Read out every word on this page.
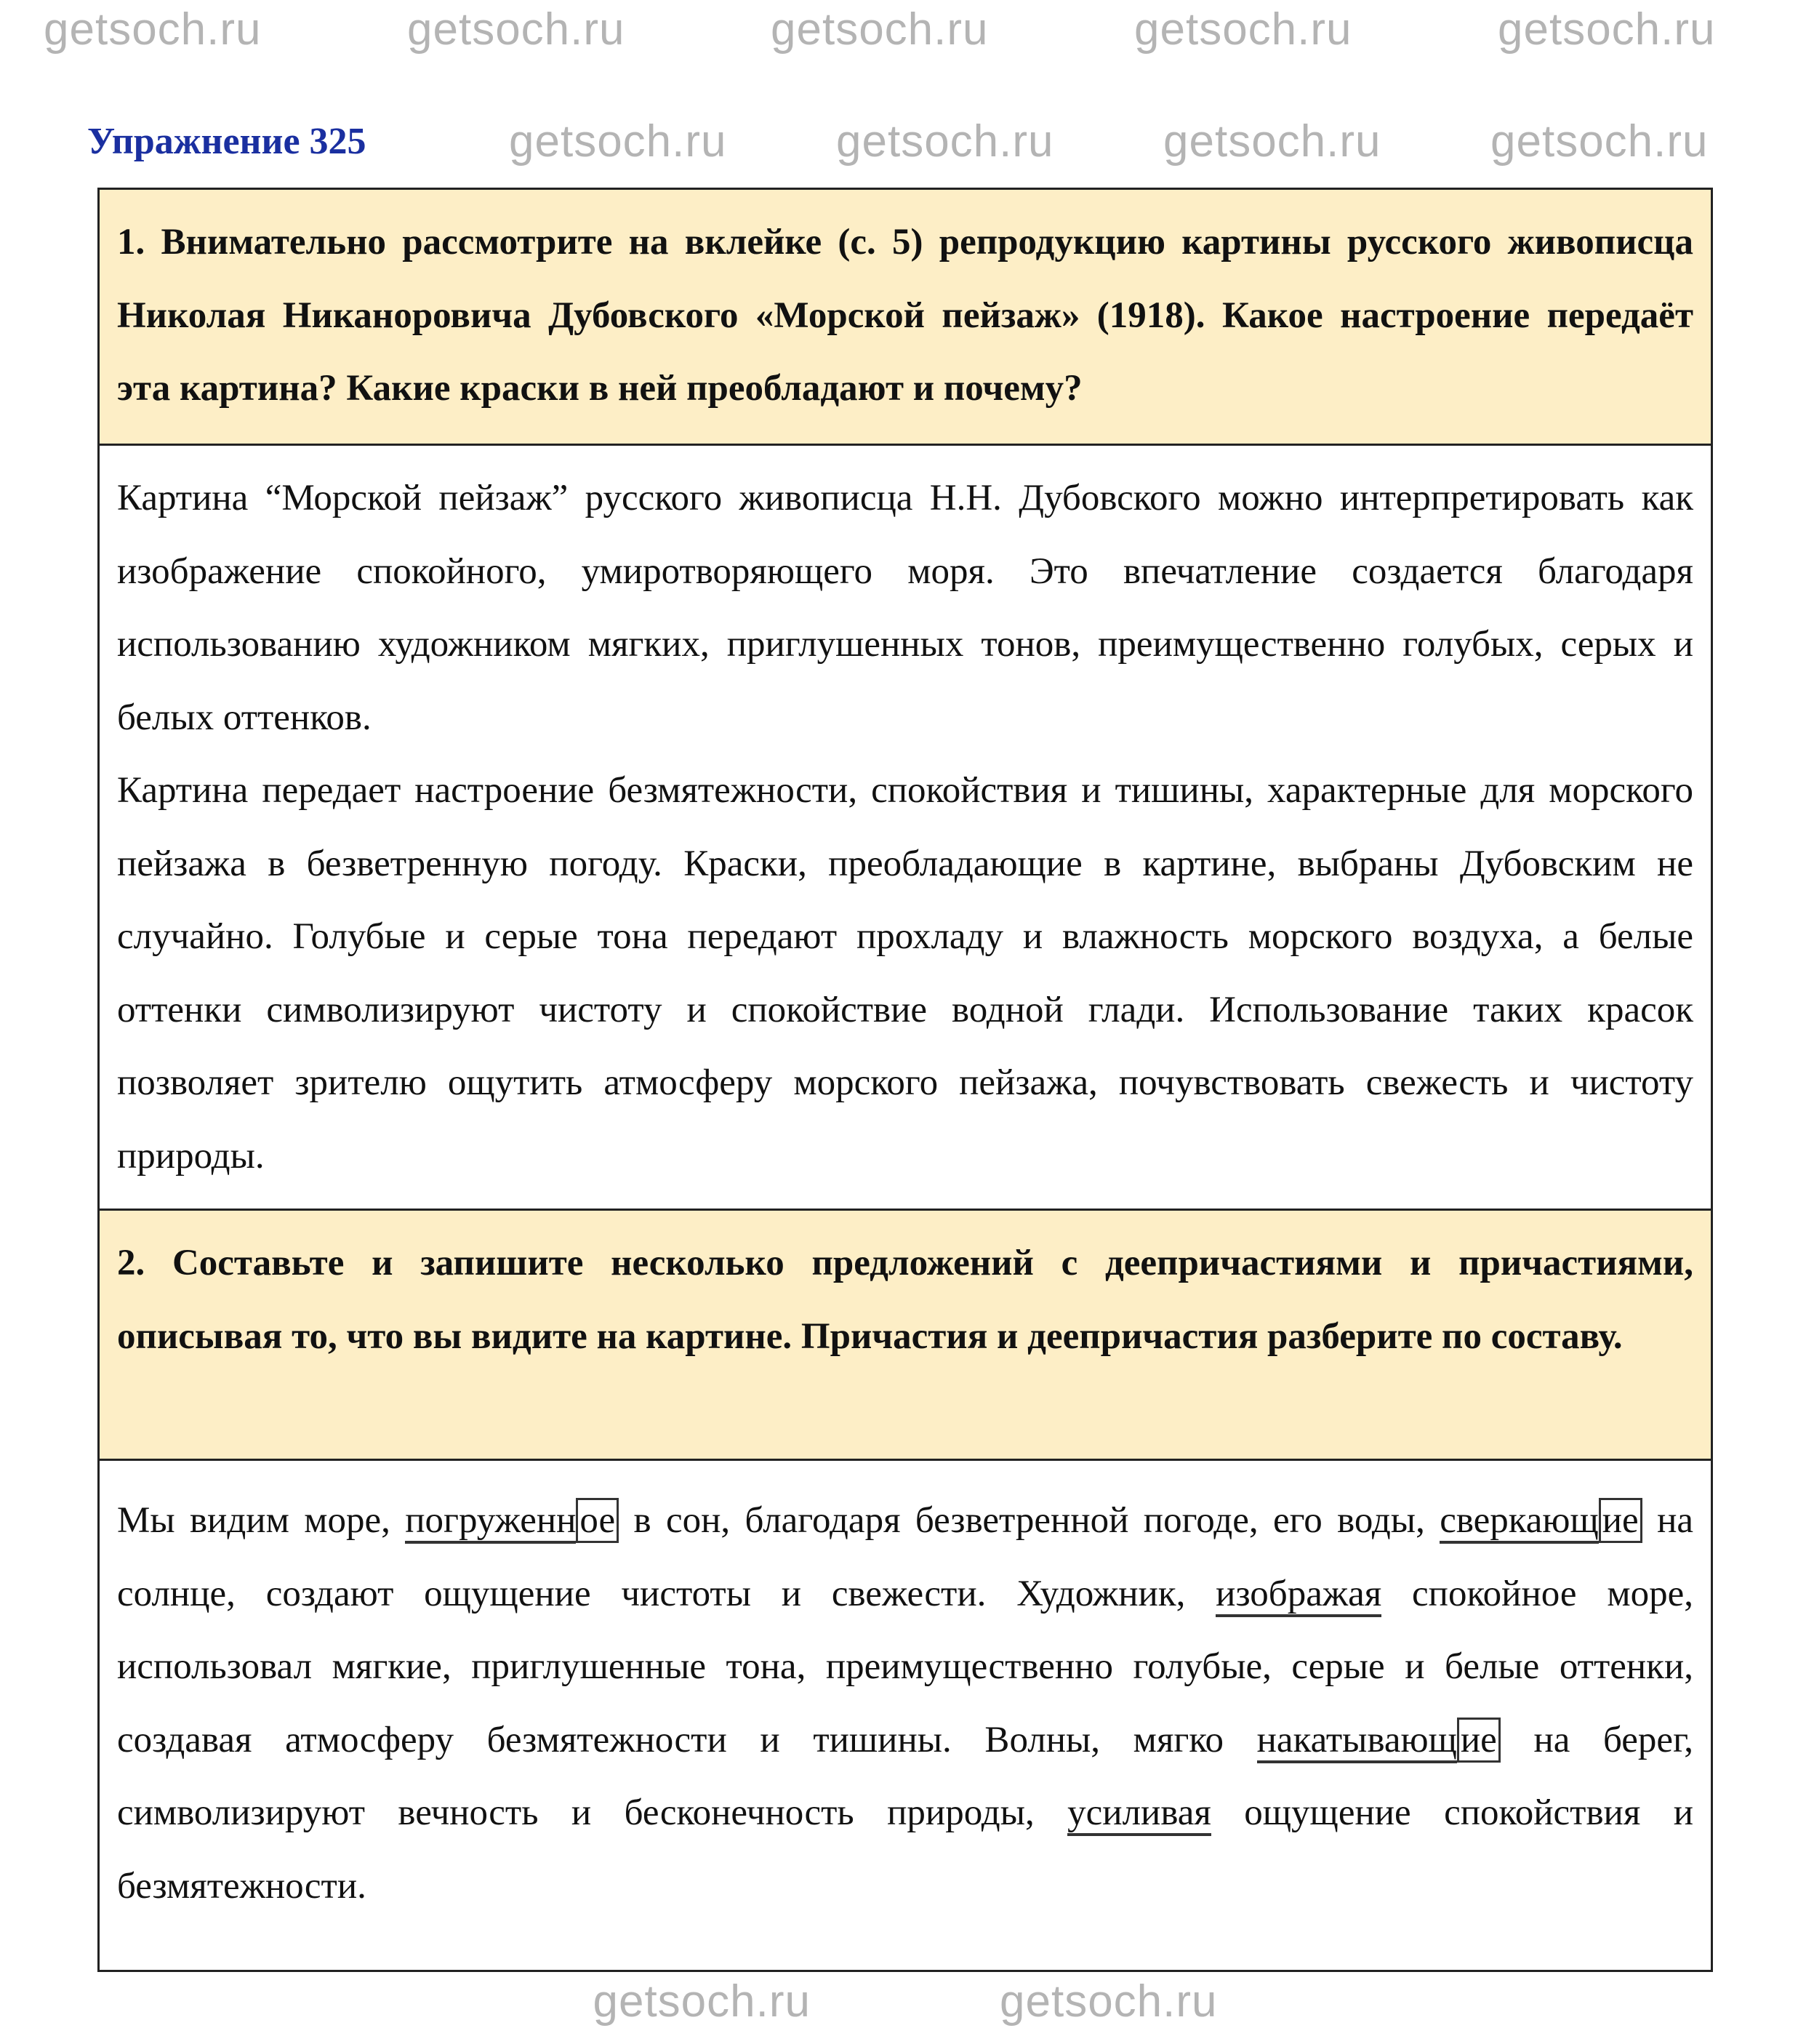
getsoch.ru	getsoch.ru	getsoch.ru	getsoch.ru	getsoch.ru
getsoch.ru getsoch.ru getsoch.ru getsoch.ru
Упражнение 325
1. Внимательно рассмотрите на вклейке (с. 5) репродукцию картины русского живописца Николая Никаноровича Дубовского «Морской пейзаж» (1918). Какое настроение передаёт эта картина? Какие краски в ней преобладают и почему?

Картина “Морской пейзаж” русского живописца Н.Н. Дубовского можно интерпретировать как изображение спокойного, умиротворяющего моря. Это впечатление создается благодаря использованию художником мягких, приглушенных тонов, преимущественно голубых, серых и белых оттенков.

Картина передает настроение безмятежности, спокойствия и тишины, характерные для морского пейзажа в безветренную погоду. Краски, преобладающие в картине, выбраны Дубовским не случайно. Голубые и серые тона передают прохладу и влажность морского воздуха, а белые оттенки символизируют чистоту и спокойствие водной глади. Использование таких красок позволяет зрителю ощутить атмосферу морского пейзажа, почувствовать свежесть и чистоту природы.

2. Составьте и запишите несколько предложений с деепричастиями и причастиями, описывая то, что вы видите на картине. Причастия и деепричастия разберите по составу.
Мы видим море, погруженное в сон, благодаря безветренной погоде, его воды, сверкающие на солнце, создают ощущение чистоты и свежести. Художник, изображая спокойное море, использовал мягкие, приглушенные тона, преимущественно голубые, серые и белые оттенки, создавая атмосферу безмятежности и тишины. Волны, мягко накатывающие на берег, символизируют вечность и бесконечность природы, усиливая ощущение спокойствия и безмятежности.
getsoch.ru	getsoch.ru
